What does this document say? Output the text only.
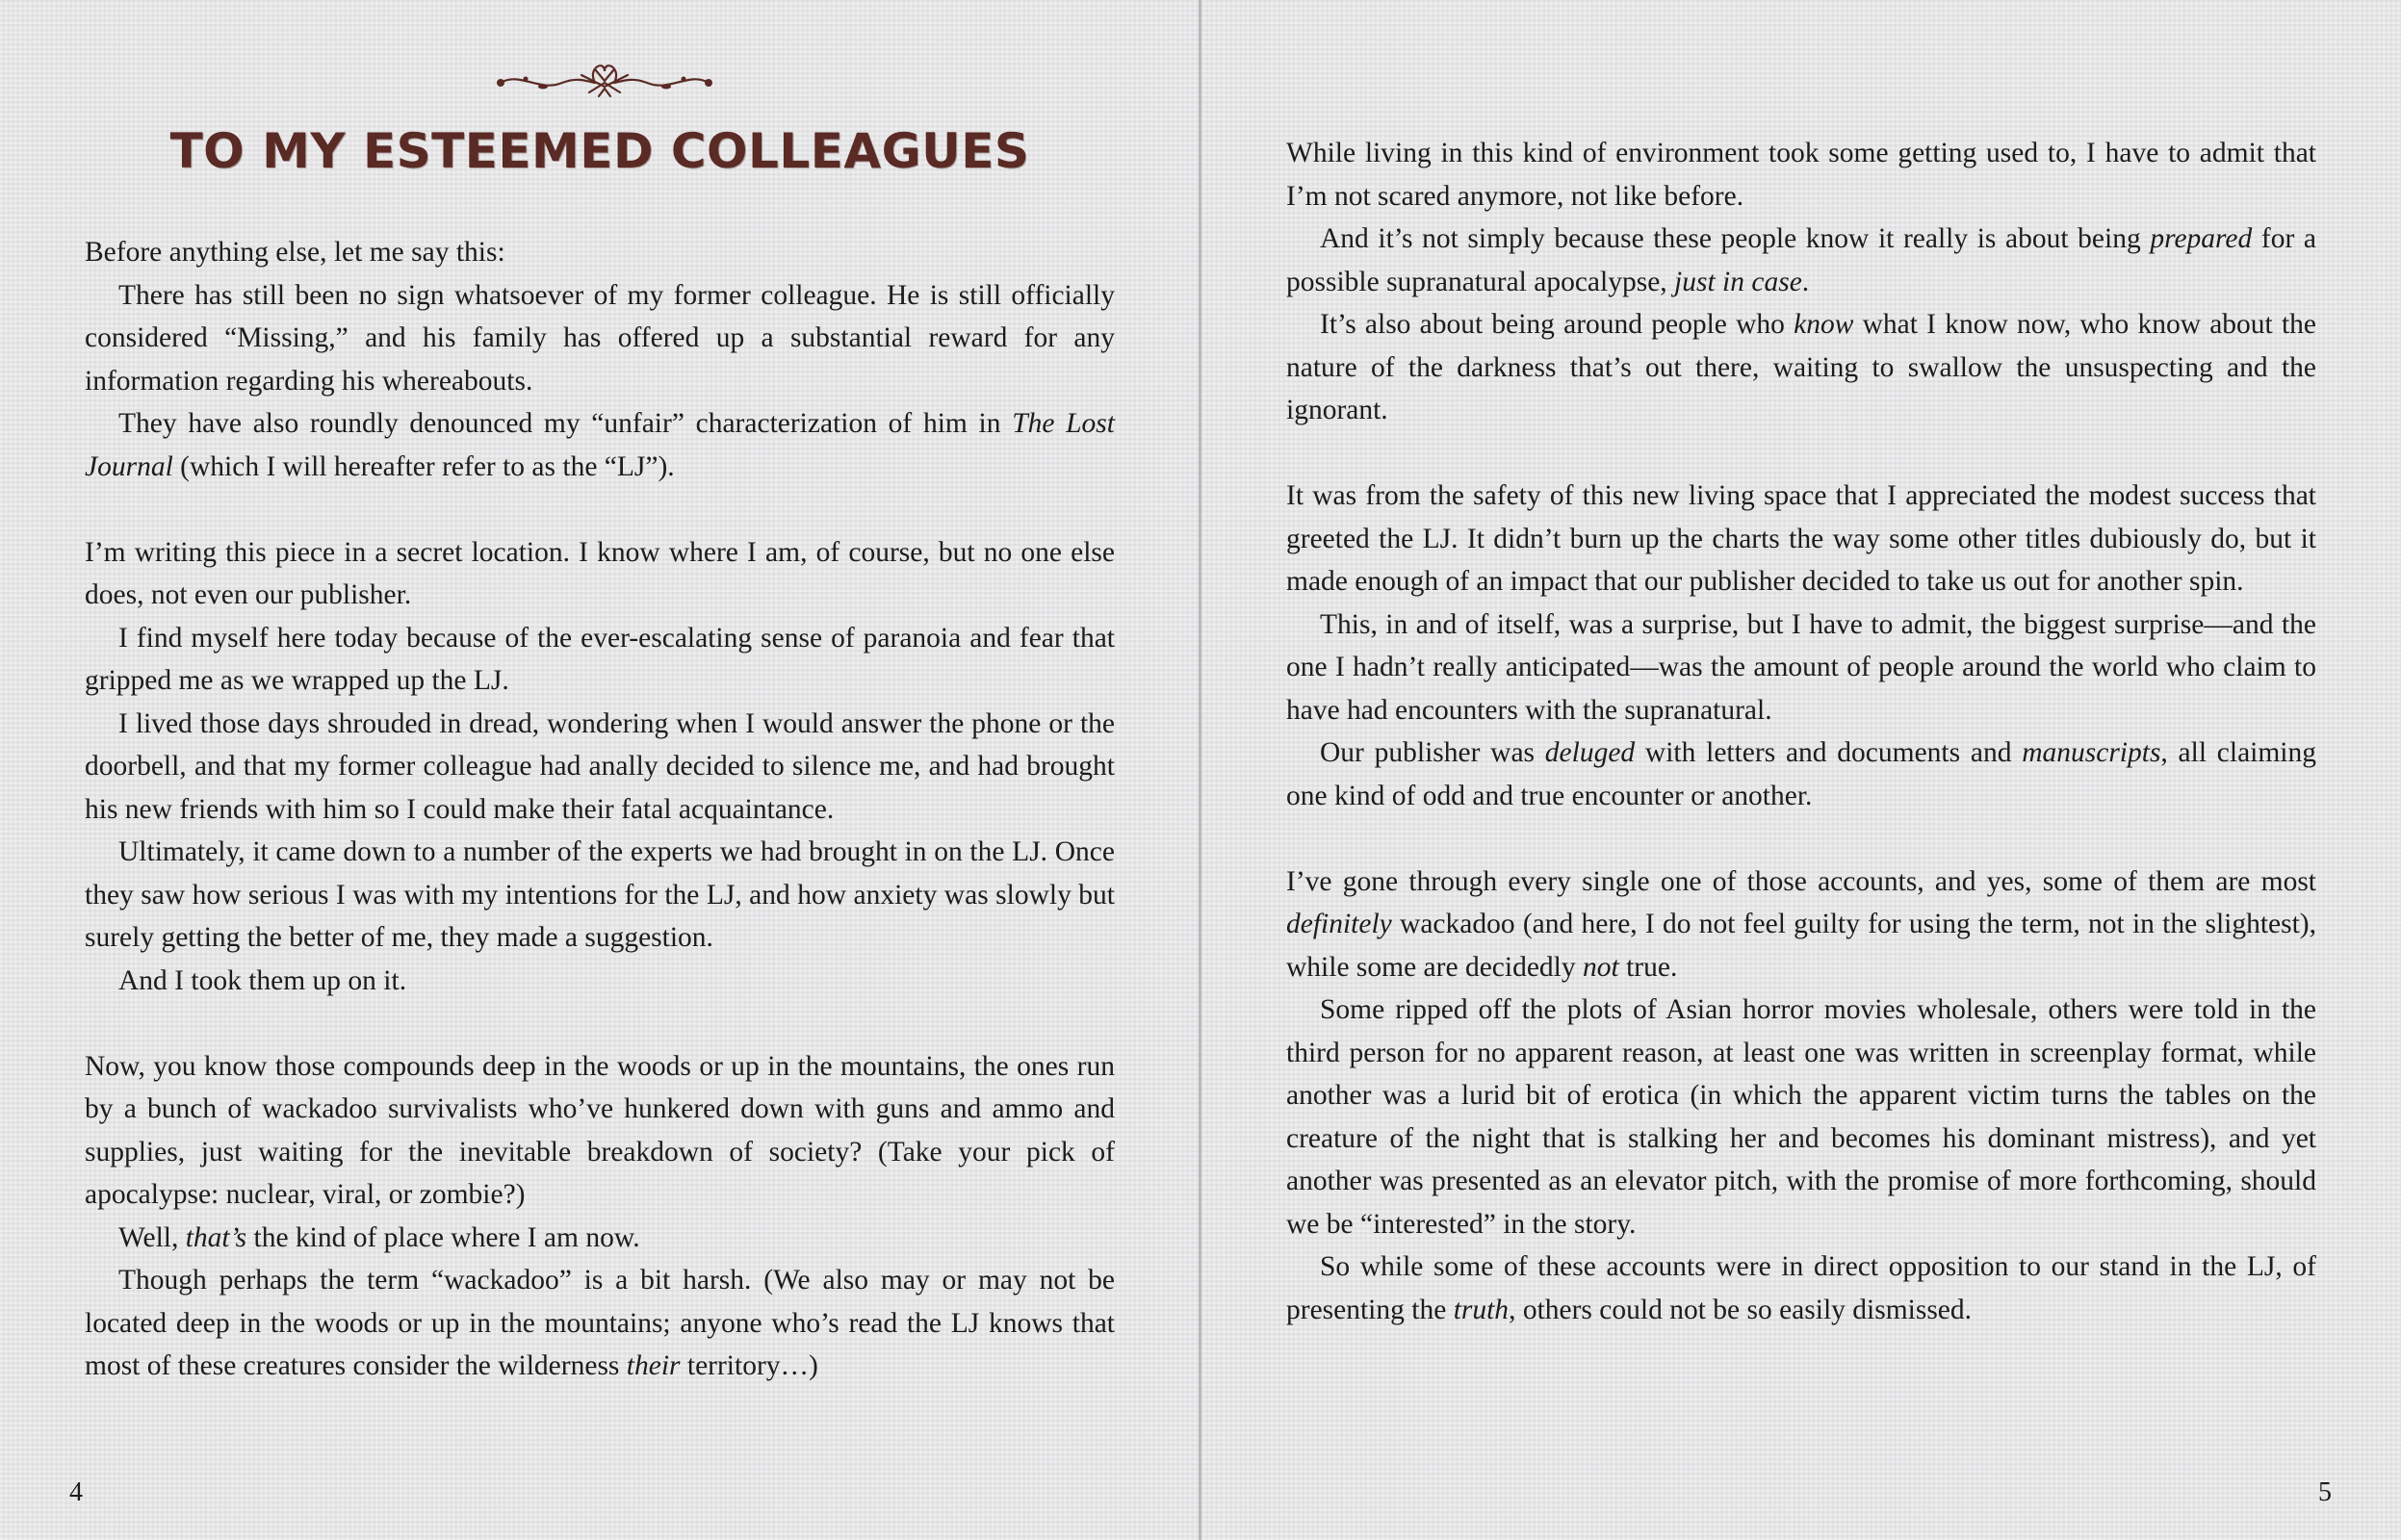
TO MY ESTEEMED COLLEAGUES

Before anything else, let me say this:

There has still been no sign whatsoever of my former colleague. He is still officially considered “Missing,” and his family has offered up a substantial reward for any information regarding his whereabouts.

They have also roundly denounced my “unfair” characterization of him in The Lost Journal (which I will hereafter refer to as the “LJ”).

I’m writing this piece in a secret location. I know where I am, of course, but no one else does, not even our publisher.

I find myself here today because of the ever-escalating sense of paranoia and fear that gripped me as we wrapped up the LJ.

I lived those days shrouded in dread, wondering when I would answer the phone or the doorbell, and that my former colleague had anally decided to silence me, and had brought his new friends with him so I could make their fatal acquaintance.

Ultimately, it came down to a number of the experts we had brought in on the LJ. Once they saw how serious I was with my intentions for the LJ, and how anxiety was slowly but surely getting the better of me, they made a suggestion.

And I took them up on it.

Now, you know those compounds deep in the woods or up in the mountains, the ones run by a bunch of wackadoo survivalists who’ve hunkered down with guns and ammo and supplies, just waiting for the inevitable breakdown of society? (Take your pick of apocalypse: nuclear, viral, or zombie?)

Well, that’s the kind of place where I am now.

Though perhaps the term “wackadoo” is a bit harsh. (We also may or may not be located deep in the woods or up in the mountains; anyone who’s read the LJ knows that most of these creatures consider the wilderness their territory…)

4

While living in this kind of environment took some getting used to, I have to admit that I’m not scared anymore, not like before.

And it’s not simply because these people know it really is about being prepared for a possible supranatural apocalypse, just in case.

It’s also about being around people who know what I know now, who know about the nature of the darkness that’s out there, waiting to swallow the unsuspecting and the ignorant.

It was from the safety of this new living space that I appreciated the modest success that greeted the LJ. It didn’t burn up the charts the way some other titles dubiously do, but it made enough of an impact that our publisher decided to take us out for another spin.

This, in and of itself, was a surprise, but I have to admit, the biggest surprise—and the one I hadn’t really anticipated—was the amount of people around the world who claim to have had encounters with the supranatural.

Our publisher was deluged with letters and documents and manuscripts, all claiming one kind of odd and true encounter or another.

I’ve gone through every single one of those accounts, and yes, some of them are most definitely wackadoo (and here, I do not feel guilty for using the term, not in the slightest), while some are decidedly not true.

Some ripped off the plots of Asian horror movies wholesale, others were told in the third person for no apparent reason, at least one was written in screenplay format, while another was a lurid bit of erotica (in which the apparent victim turns the tables on the creature of the night that is stalking her and becomes his dominant mistress), and yet another was presented as an elevator pitch, with the promise of more forthcoming, should we be “interested” in the story.

So while some of these accounts were in direct opposition to our stand in the LJ, of presenting the truth, others could not be so easily dismissed.

5
